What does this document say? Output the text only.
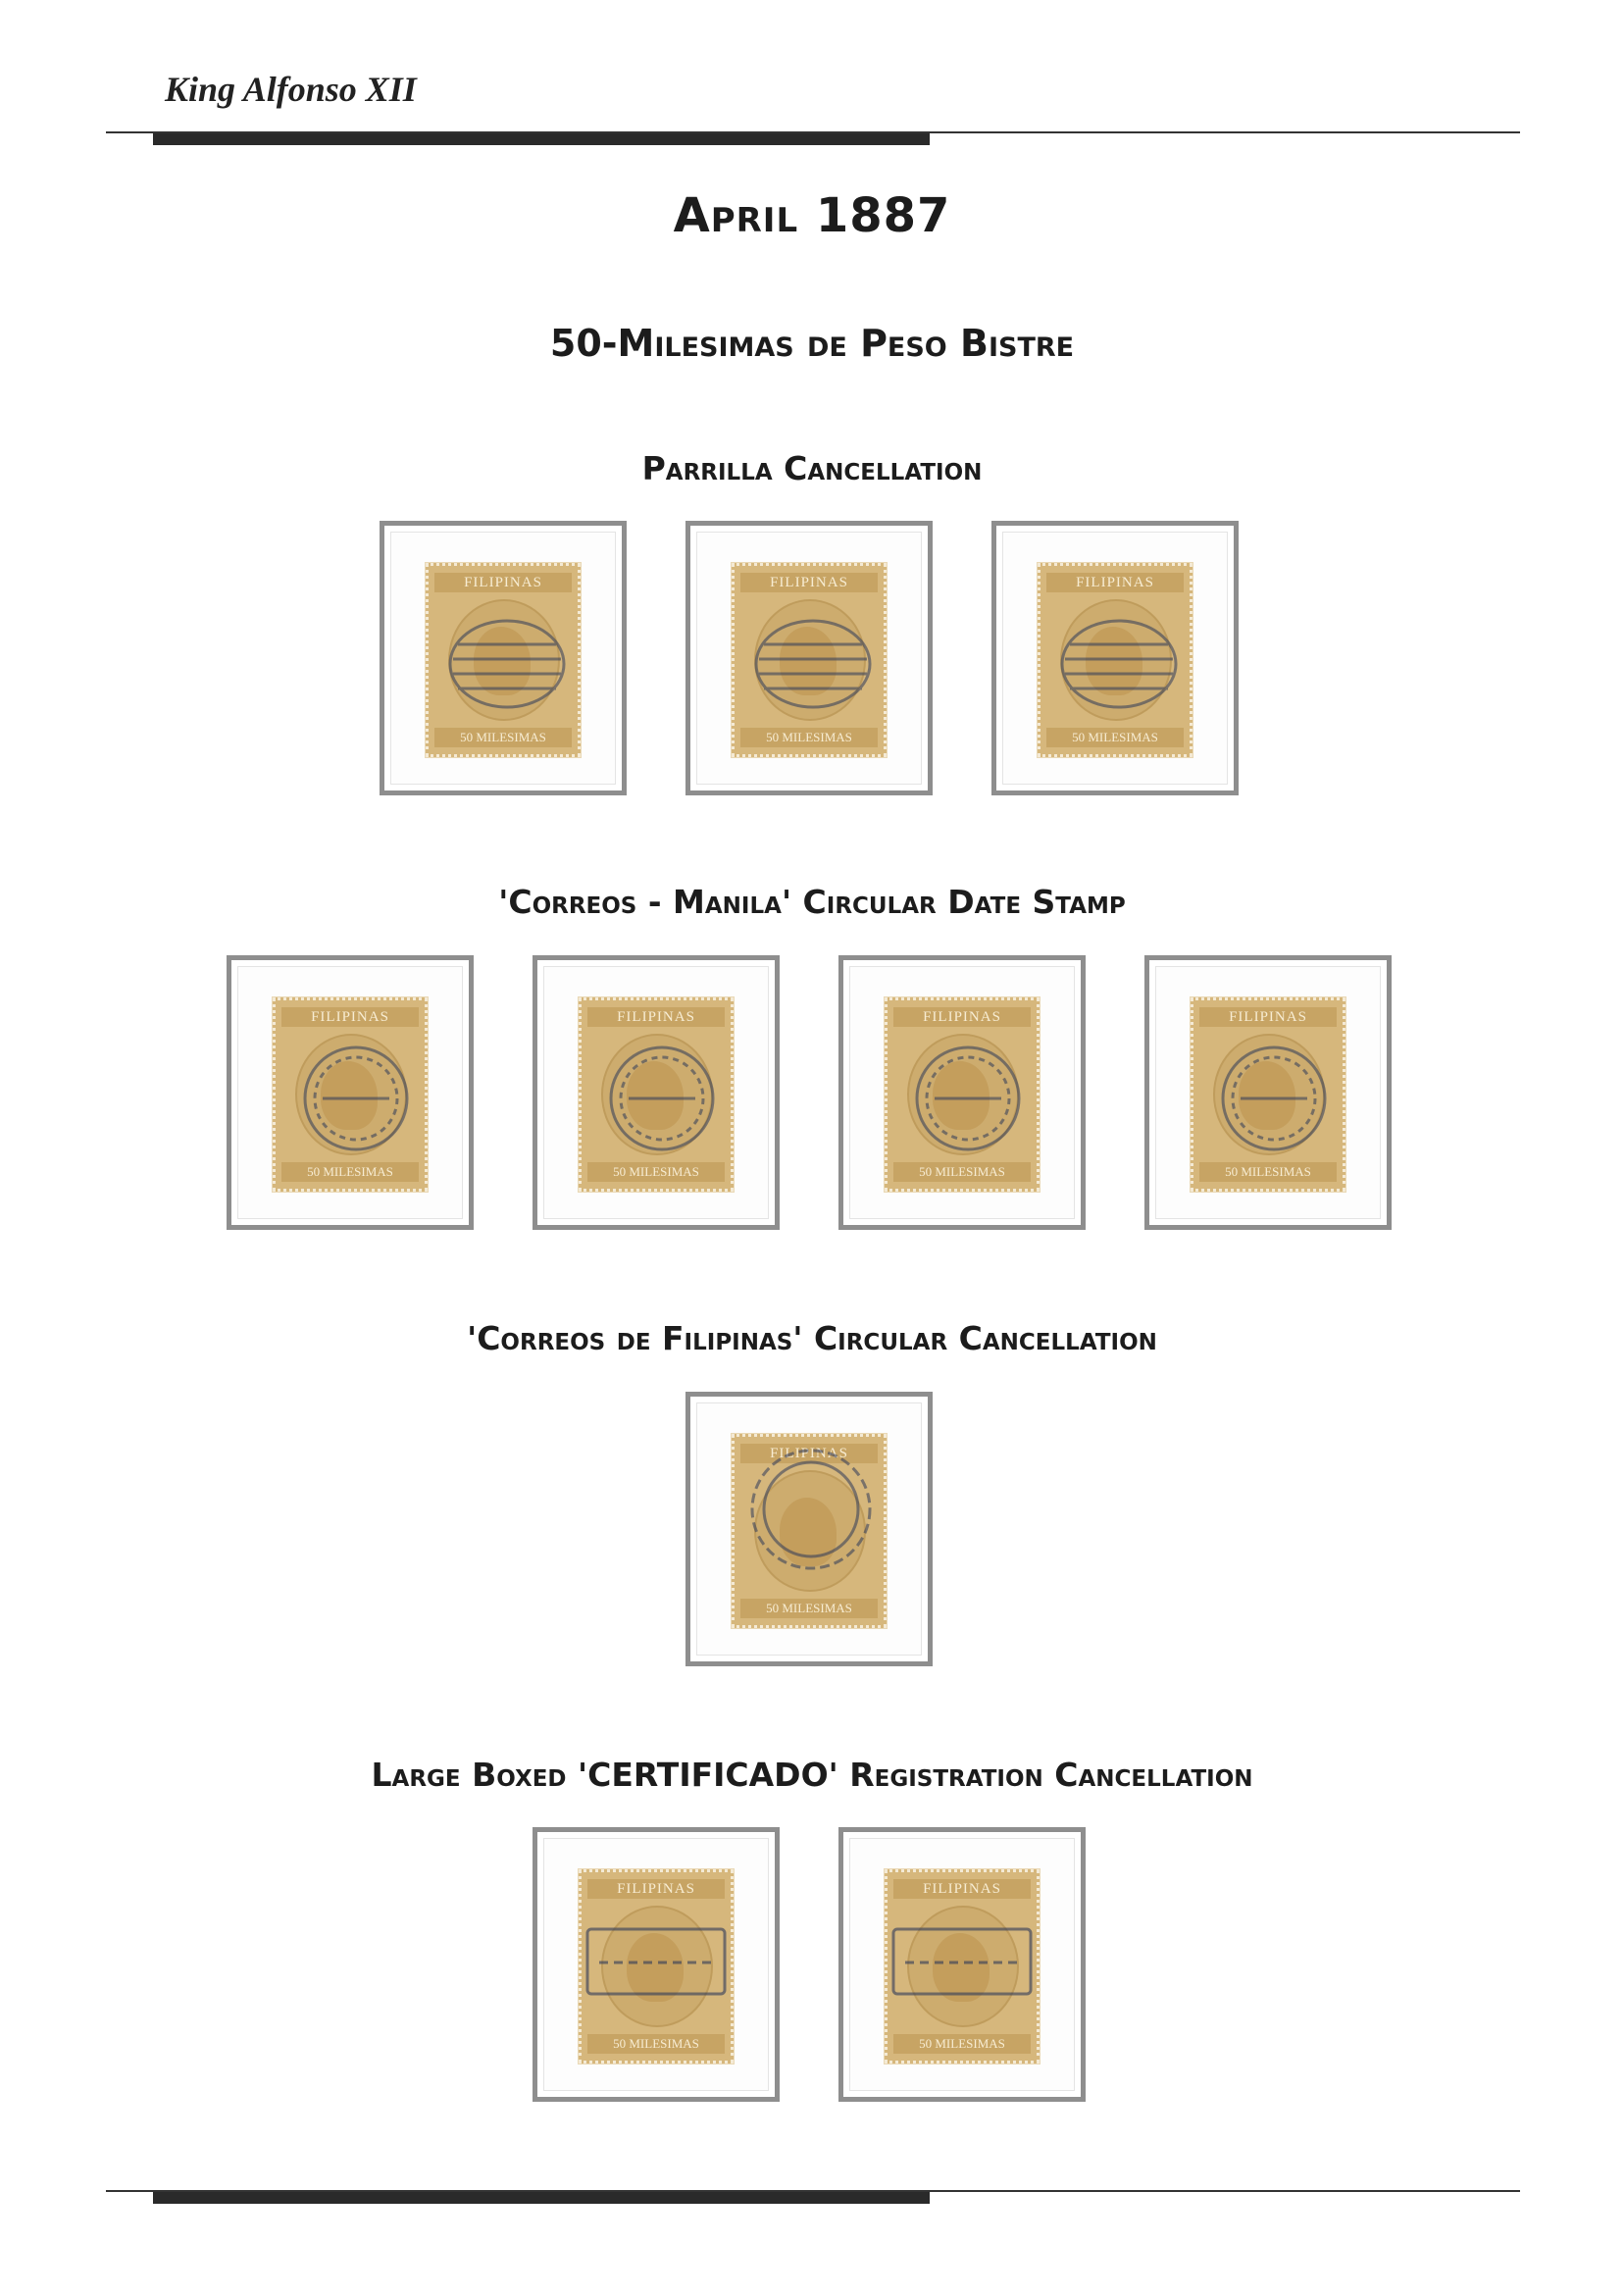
King Alfonso XII
April 1887
50-Milesimas de Peso Bistre
Parrilla Cancellation
FILIPINAS
50 MILESIMAS
FILIPINAS
50 MILESIMAS
FILIPINAS
50 MILESIMAS
'Correos - Manila' Circular Date Stamp
FILIPINAS
50 MILESIMAS
FILIPINAS
50 MILESIMAS
FILIPINAS
50 MILESIMAS
FILIPINAS
50 MILESIMAS
'Correos de Filipinas' Circular Cancellation
FILIPINAS
50 MILESIMAS
Large Boxed 'CERTIFICADO' Registration Cancellation
FILIPINAS
50 MILESIMAS
FILIPINAS
50 MILESIMAS
